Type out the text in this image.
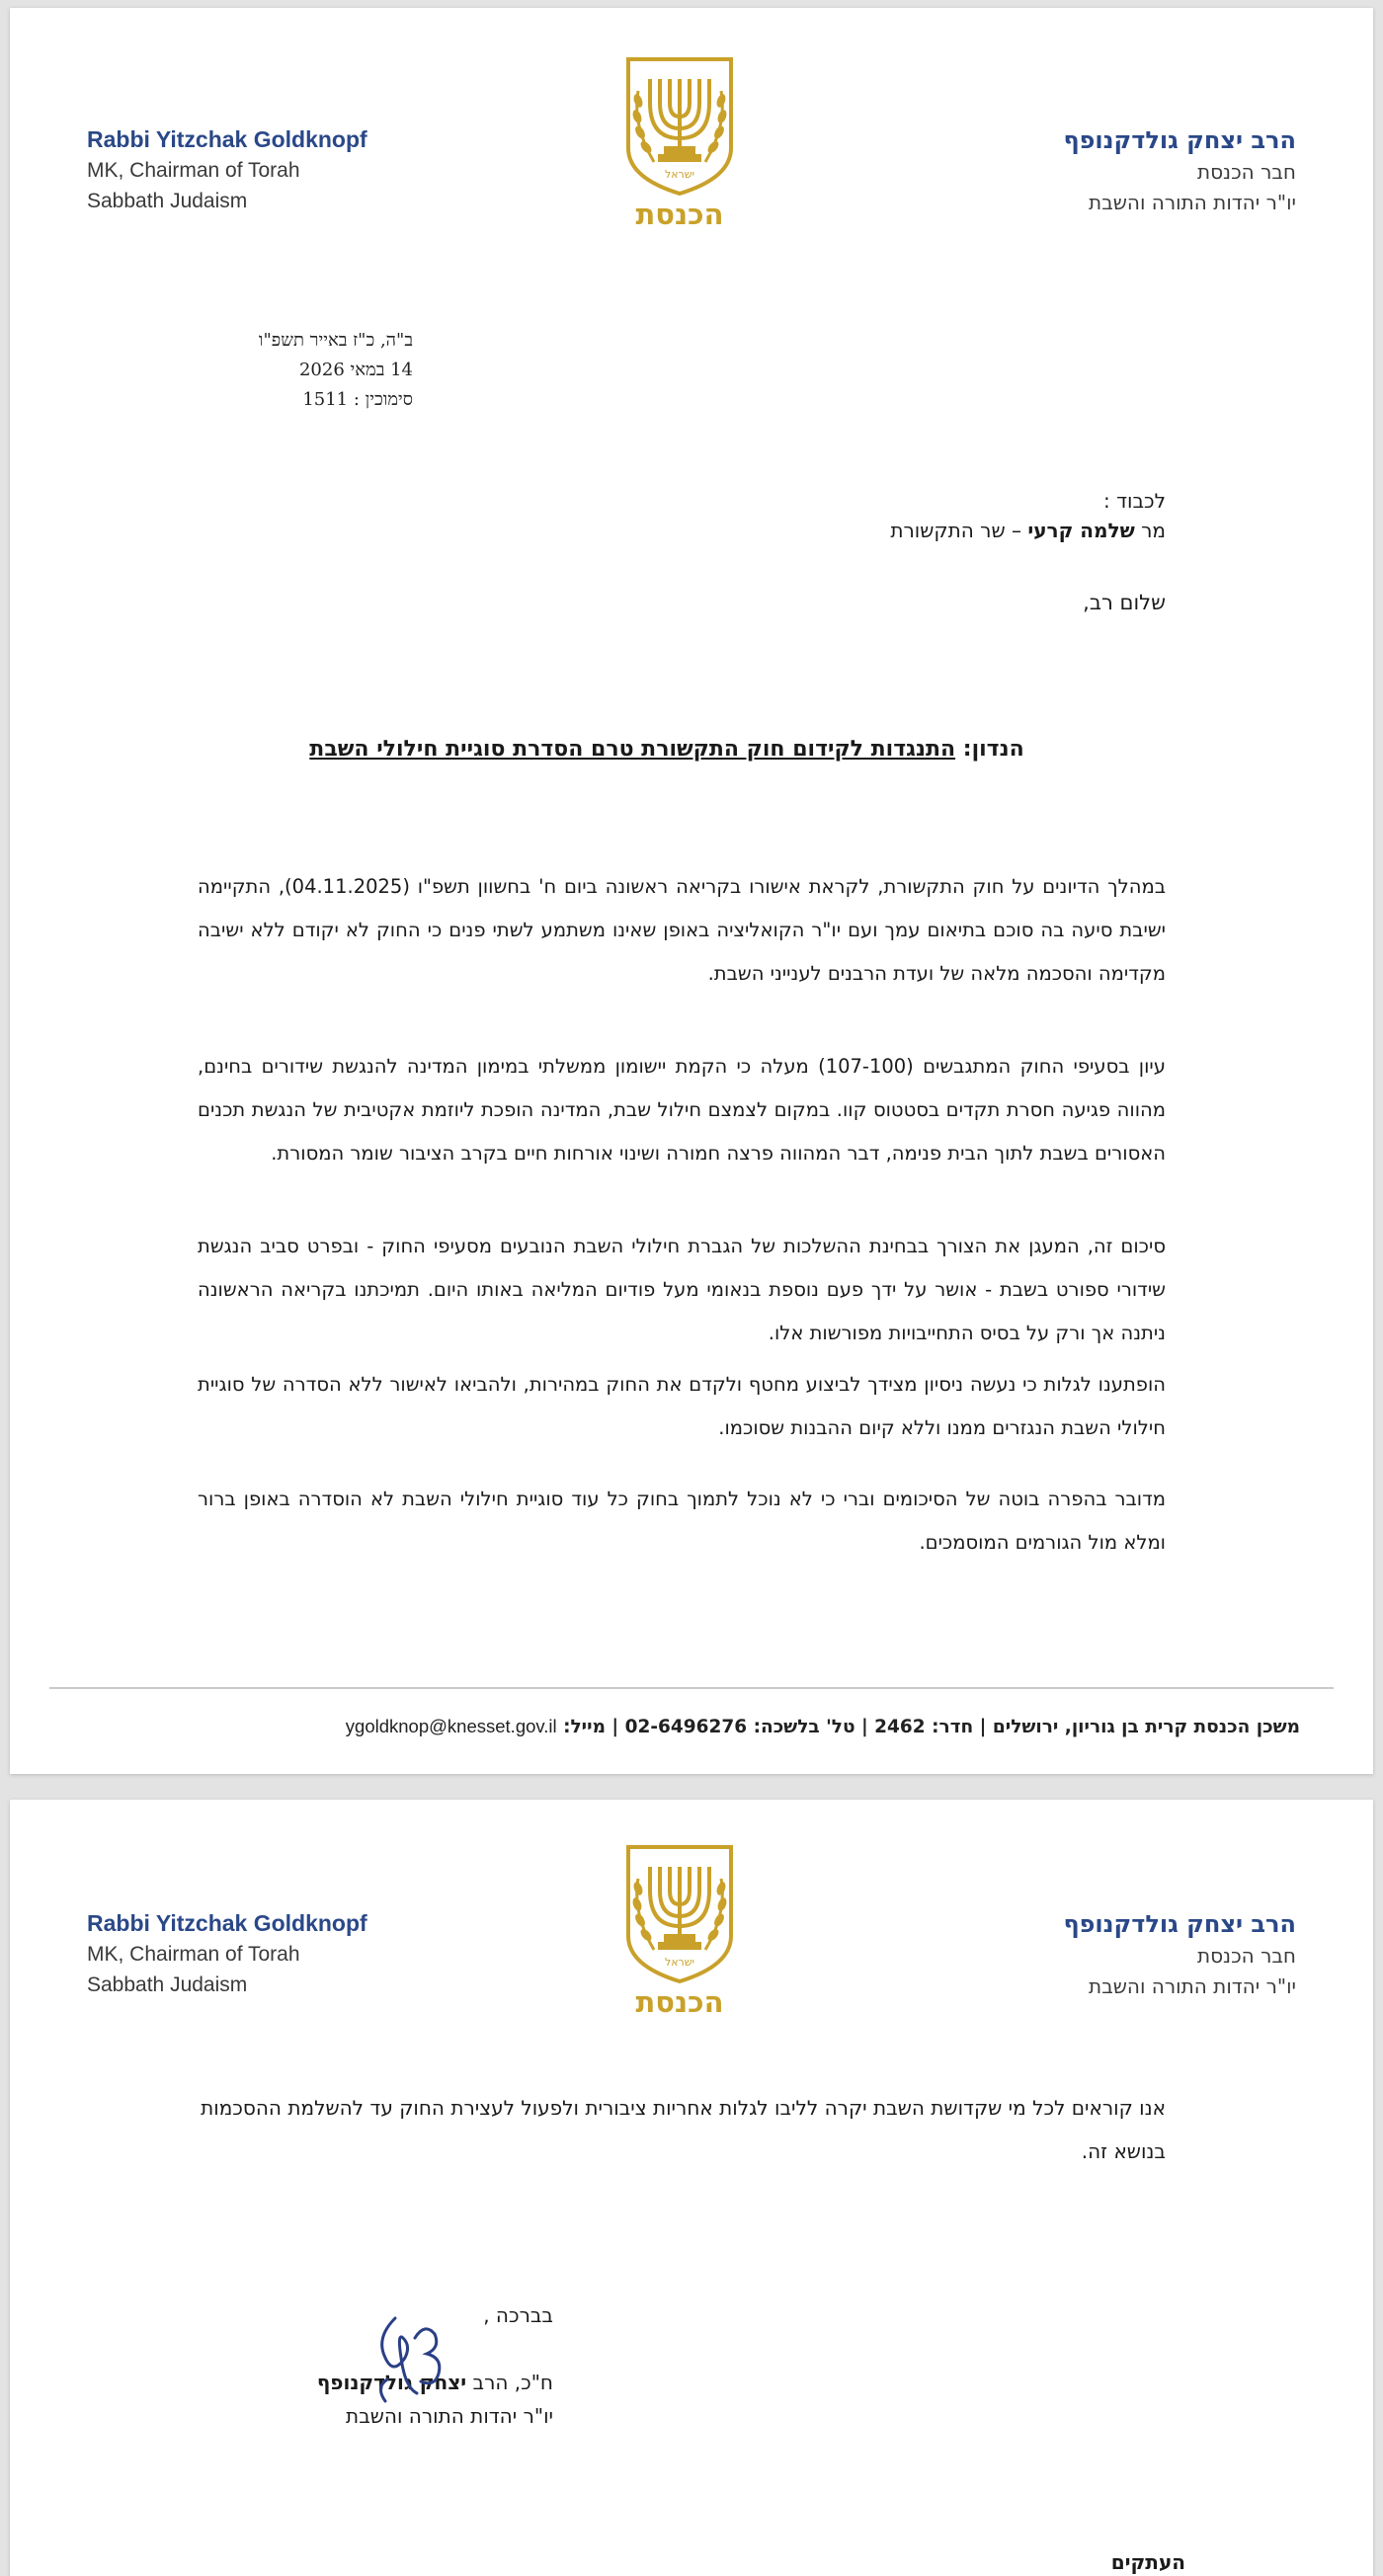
Rabbi Yitzchak Goldknopf
MK, Chairman of Torah
Sabbath Judaism
ישראל
הכנסת
הרב יצחק גולדקנופף
חבר הכנסת
יו"ר יהדות התורה והשבת
ב"ה, כ"ז באייר תשפ"ו
14 במאי 2026
סימוכין : 1511
לכבוד :
מר שלמה קרעי – שר התקשורת
שלום רב,
הנדון: התנגדות לקידום חוק התקשורת טרם הסדרת סוגיית חילולי השבת

במהלך הדיונים על חוק התקשורת, לקראת אישורו בקריאה ראשונה ביום ח' בחשוון תשפ"ו (04.11.2025), התקיימה ישיבת סיעה בה סוכם בתיאום עמך ועם יו"ר הקואליציה באופן שאינו משתמע לשתי פנים כי החוק לא יקודם ללא ישיבה מקדימה והסכמה מלאה של ועדת הרבנים לענייני השבת.

עיון בסעיפי החוק המתגבשים (107-100) מעלה כי הקמת יישומון ממשלתי במימון המדינה להנגשת שידורים בחינם, מהווה פגיעה חסרת תקדים בסטטוס קוו. במקום לצמצם חילול שבת, המדינה הופכת ליוזמת אקטיבית של הנגשת תכנים האסורים בשבת לתוך הבית פנימה, דבר המהווה פרצה חמורה ושינוי אורחות חיים בקרב הציבור שומר המסורת.

סיכום זה, המעגן את הצורך בבחינת ההשלכות של הגברת חילולי השבת הנובעים מסעיפי החוק - ובפרט סביב הנגשת שידורי ספורט בשבת - אושר על ידך פעם נוספת בנאומי מעל פודיום המליאה באותו היום. תמיכתנו בקריאה הראשונה ניתנה אך ורק על בסיס התחייבויות מפורשות אלו.

הופתענו לגלות כי נעשה ניסיון מצידך לביצוע מחטף ולקדם את החוק במהירות, ולהביאו לאישור ללא הסדרה של סוגיית חילולי השבת הנגזרים ממנו וללא קיום ההבנות שסוכמו.

מדובר בהפרה בוטה של הסיכומים וברי כי לא נוכל לתמוך בחוק כל עוד סוגיית חילולי השבת לא הוסדרה באופן ברור ומלא מול הגורמים המוסמכים.

משכן הכנסת קרית בן גוריון, ירושלים | חדר: 2462 | טל' בלשכה: 02-6496276 | מייל: ygoldknop@knesset.gov.il
Rabbi Yitzchak Goldknopf
MK, Chairman of Torah
Sabbath Judaism
ישראל
הכנסת
הרב יצחק גולדקנופף
חבר הכנסת
יו"ר יהדות התורה והשבת

אנו קוראים לכל מי שקדושת השבת יקרה לליבו לגלות אחריות ציבורית ולפעול לעצירת החוק עד להשלמת ההסכמות בנושא זה.

בברכה ,
ח"כ, הרב יצחק גולדקנופף
יו"ר יהדות התורה והשבת
העתקים
